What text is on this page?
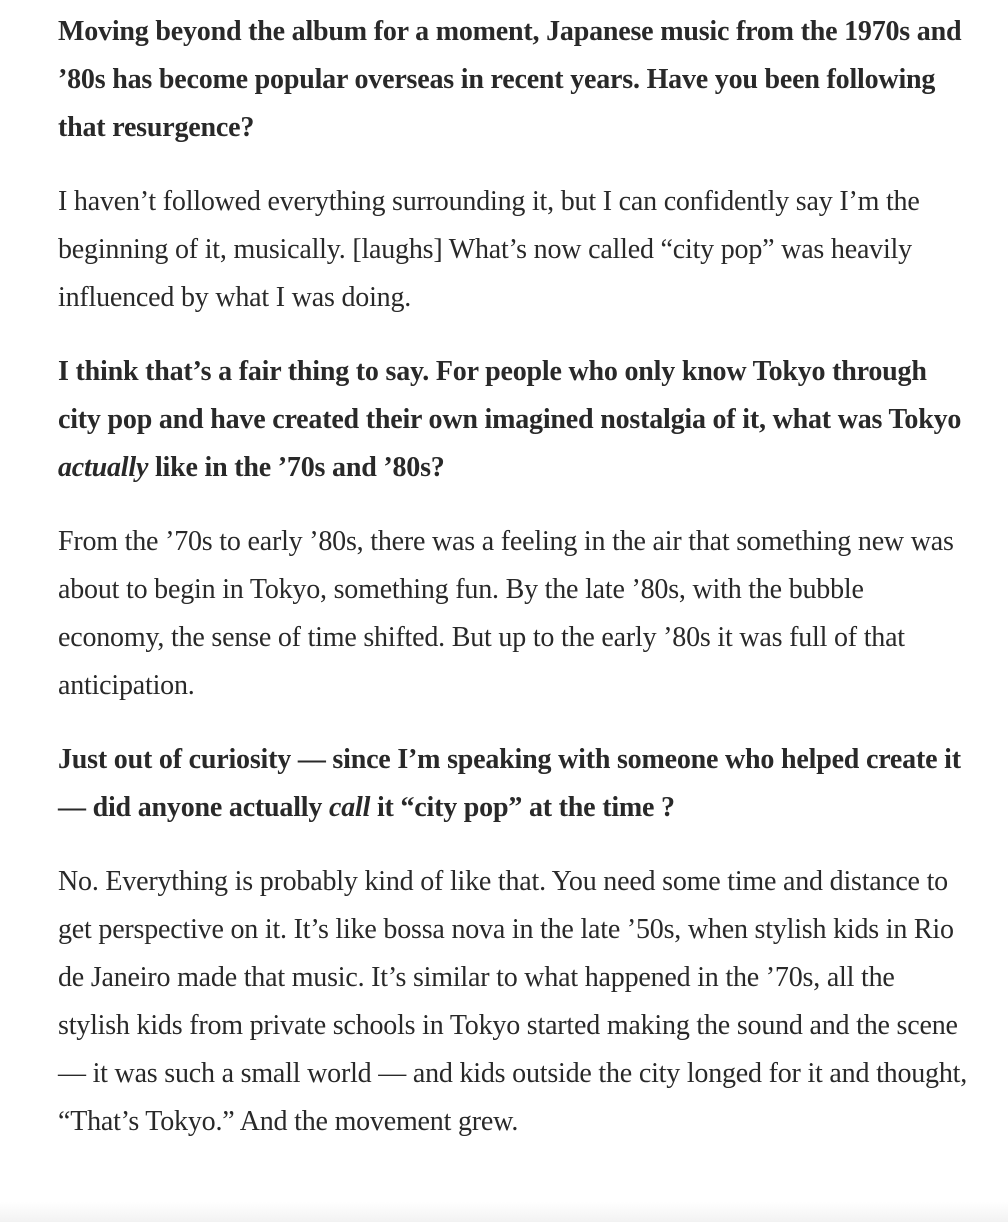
Moving beyond the album for a moment, Japanese music from the 1970s and ’80s has become popular overseas in recent years. Have you been following that resurgence?

I haven’t followed everything surrounding it, but I can confidently say I’m the beginning of it, musically. [laughs] What’s now called “city pop” was heavily influenced by what I was doing.

I think that’s a fair thing to say. For people who only know Tokyo through city pop and have created their own imagined nostalgia of it, what was Tokyo actually like in the ’70s and ’80s?

From the ’70s to early ’80s, there was a feeling in the air that something new was about to begin in Tokyo, something fun. By the late ’80s, with the bubble economy, the sense of time shifted. But up to the early ’80s it was full of that anticipation.

Just out of curiosity — since I’m speaking with someone who helped create it — did anyone actually call it “city pop” at the time ?

No. Everything is probably kind of like that. You need some time and distance to get perspective on it. It’s like bossa nova in the late ’50s, when stylish kids in Rio de Janeiro made that music. It’s similar to what happened in the ’70s, all the stylish kids from private schools in Tokyo started making the sound and the scene — it was such a small world — and kids outside the city longed for it and thought, “That’s Tokyo.” And the movement grew.
